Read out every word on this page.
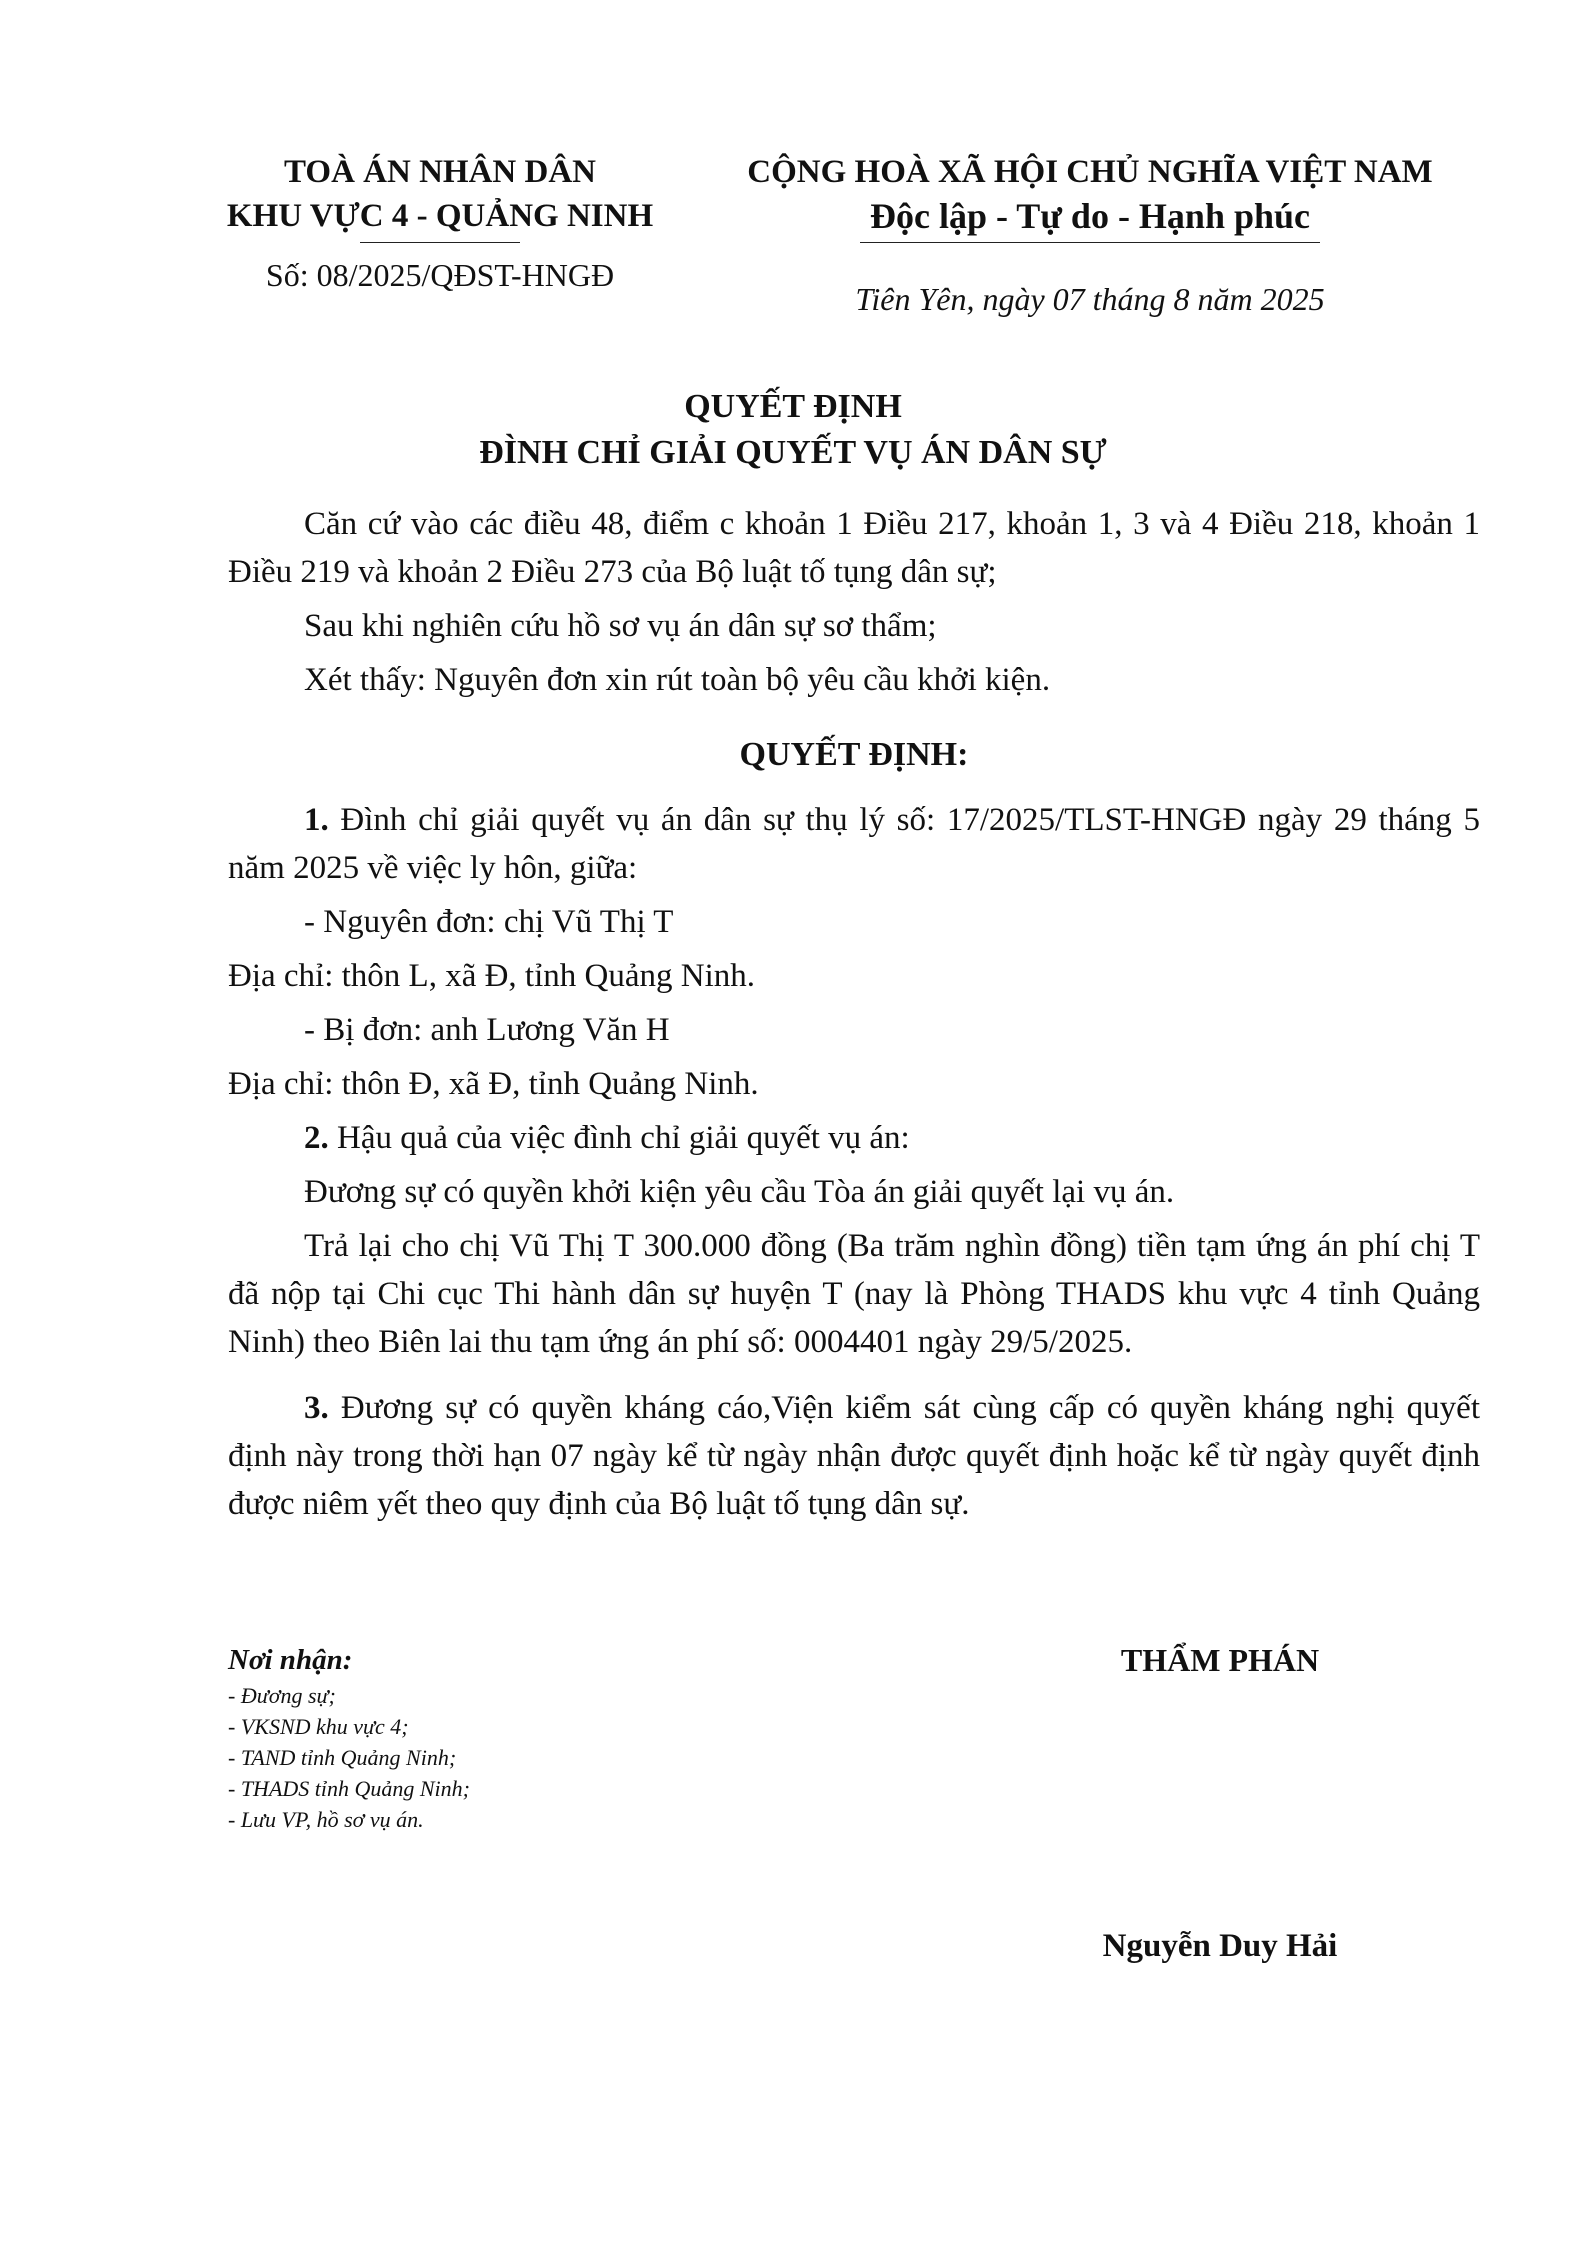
TOÀ ÁN NHÂN DÂN
KHU VỰC 4 - QUẢNG NINH
Số: 08/2025/QĐST-HNGĐ
CỘNG HOÀ XÃ HỘI CHỦ NGHĨA VIỆT NAM
Độc lập - Tự do - Hạnh phúc
Tiên Yên, ngày 07 tháng 8 năm 2025
QUYẾT ĐỊNH
ĐÌNH CHỈ GIẢI QUYẾT VỤ ÁN DÂN SỰ

Căn cứ vào các điều 48, điểm c khoản 1 Điều 217, khoản 1, 3 và 4 Điều 218, khoản 1 Điều 219 và khoản 2 Điều 273 của Bộ luật tố tụng dân sự;

Sau khi nghiên cứu hồ sơ vụ án dân sự sơ thẩm;

Xét thấy: Nguyên đơn xin rút toàn bộ yêu cầu khởi kiện.

QUYẾT ĐỊNH:

1. Đình chỉ giải quyết vụ án dân sự thụ lý số: 17/2025/TLST-HNGĐ ngày 29 tháng 5 năm 2025 về việc ly hôn, giữa:

- Nguyên đơn: chị Vũ Thị T

Địa chỉ: thôn L, xã Đ, tỉnh Quảng Ninh.

- Bị đơn: anh Lương Văn H

Địa chỉ: thôn Đ, xã Đ, tỉnh Quảng Ninh.

2. Hậu quả của việc đình chỉ giải quyết vụ án:

Đương sự có quyền khởi kiện yêu cầu Tòa án giải quyết lại vụ án.

Trả lại cho chị Vũ Thị T 300.000 đồng (Ba trăm nghìn đồng) tiền tạm ứng án phí chị T đã nộp tại Chi cục Thi hành dân sự huyện T (nay là Phòng THADS khu vực 4 tỉnh Quảng Ninh) theo Biên lai thu tạm ứng án phí số: 0004401 ngày 29/5/2025.

3. Đương sự có quyền kháng cáo,Viện kiểm sát cùng cấp có quyền kháng nghị quyết định này trong thời hạn 07 ngày kể từ ngày nhận được quyết định hoặc kể từ ngày quyết định được niêm yết theo quy định của Bộ luật tố tụng dân sự.

Nơi nhận:
- Đương sự;
- VKSND khu vực 4;
- TAND tỉnh Quảng Ninh;
- THADS tỉnh Quảng Ninh;
- Lưu VP, hồ sơ vụ án.
THẨM PHÁN
Nguyễn Duy Hải
